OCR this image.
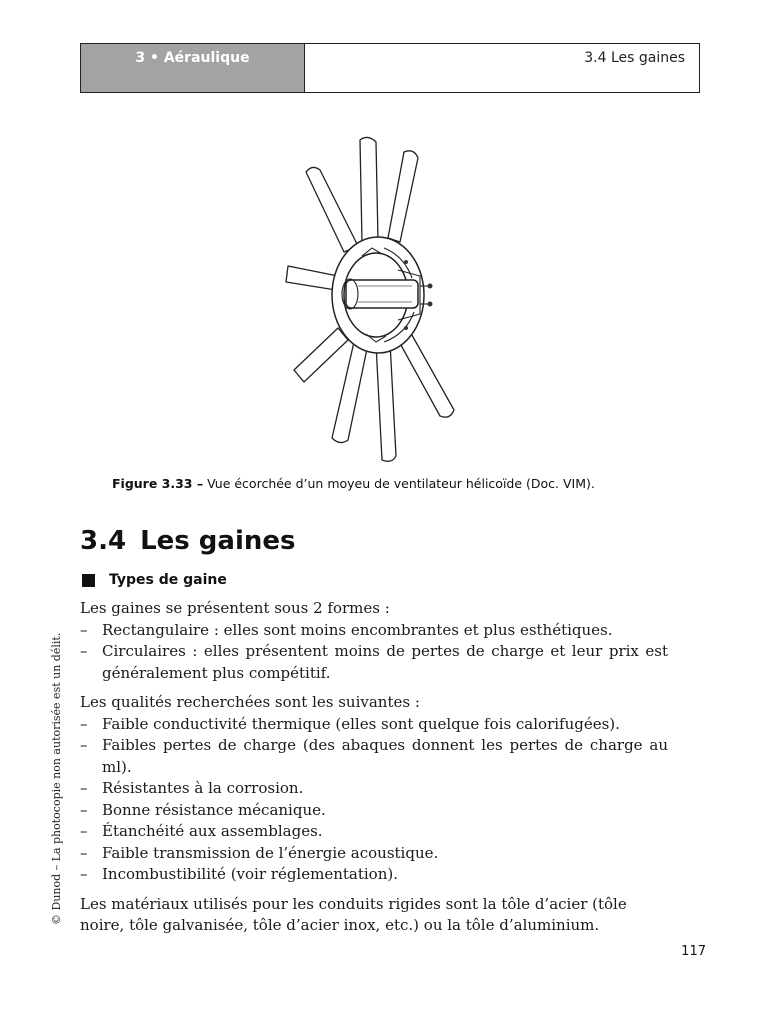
3 • Aéraulique	3.4 Les gaines
Figure 3.33 – Vue écorchée d’un moyeu de ventilateur hélicoïde (Doc. VIM).
3.4 Les gaines
Types de gaine

Les gaines se présentent sous 2 formes :

– Rectangulaire : elles sont moins encombrantes et plus esthétiques.
– Circulaires : elles présentent moins de pertes de charge et leur prix est généralement plus compétitif.

Les qualités recherchées sont les suivantes :

– Faible conductivité thermique (elles sont quelque fois calorifugées).
– Faibles pertes de charge (des abaques donnent les pertes de charge au ml).
– Résistantes à la corrosion.
– Bonne résistance mécanique.
– Étanchéité aux assemblages.
– Faible transmission de l’énergie acoustique.
– Incombustibilité (voir réglementation).

Les matériaux utilisés pour les conduits rigides sont la tôle d’acier (tôle noire, tôle galvanisée, tôle d’acier inox, etc.) ou la tôle d’aluminium.

© Dunod – La photocopie non autorisée est un délit.
117
